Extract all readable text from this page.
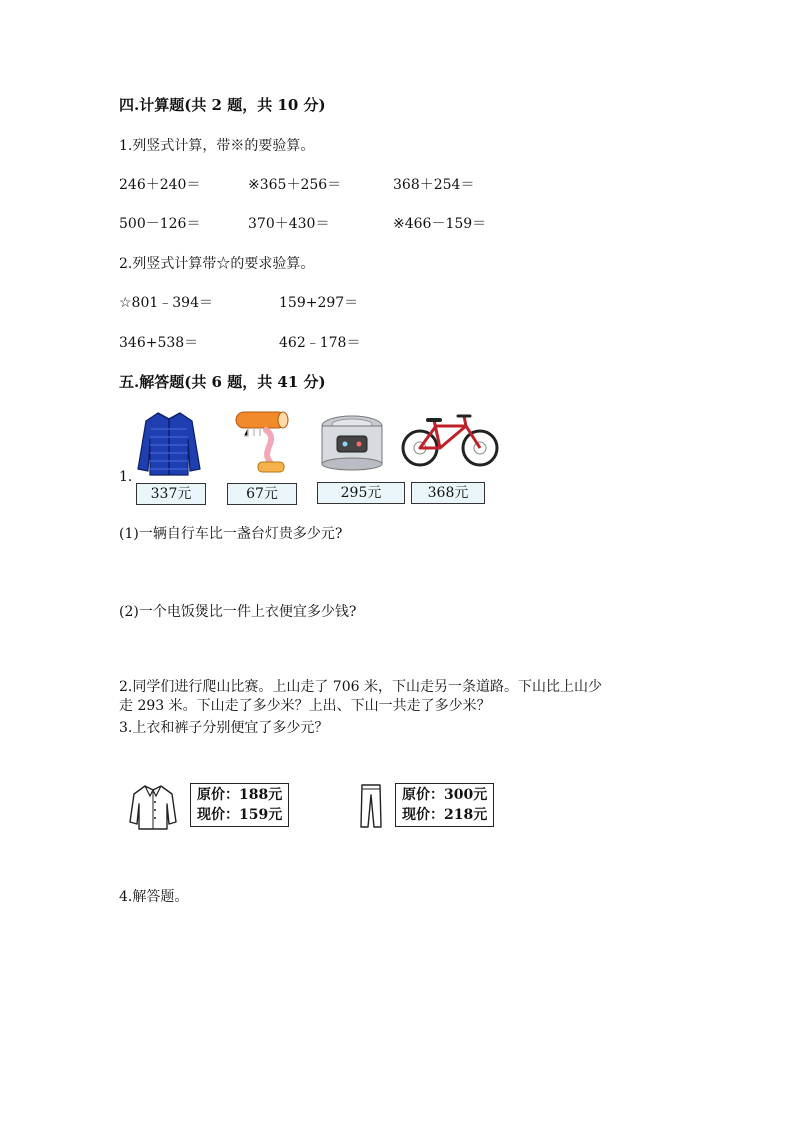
四.计算题(共 2 题，共 10 分)
1.列竖式计算，带※的要验算。
246＋240＝	※365＋256＝	368＋254＝
500－126＝	370＋430＝	※466－159＝
2.列竖式计算带☆的要求验算。
☆801﹣394＝	159+297＝
346+538＝	462﹣178＝
五.解答题(共 6 题，共 41 分)
1.
337元	67元	295元	368元
(1)一辆自行车比一盏台灯贵多少元?
(2)一个电饭煲比一件上衣便宜多少钱?
2.同学们进行爬山比赛。上山走了 706 米，下山走另一条道路。下山比上山少
走 293 米。下山走了多少米？上出、下山一共走了多少米？
3.上衣和裤子分别便宜了多少元？
原价：188元
现价：159元
原价：300元
现价：218元
4.解答题。
